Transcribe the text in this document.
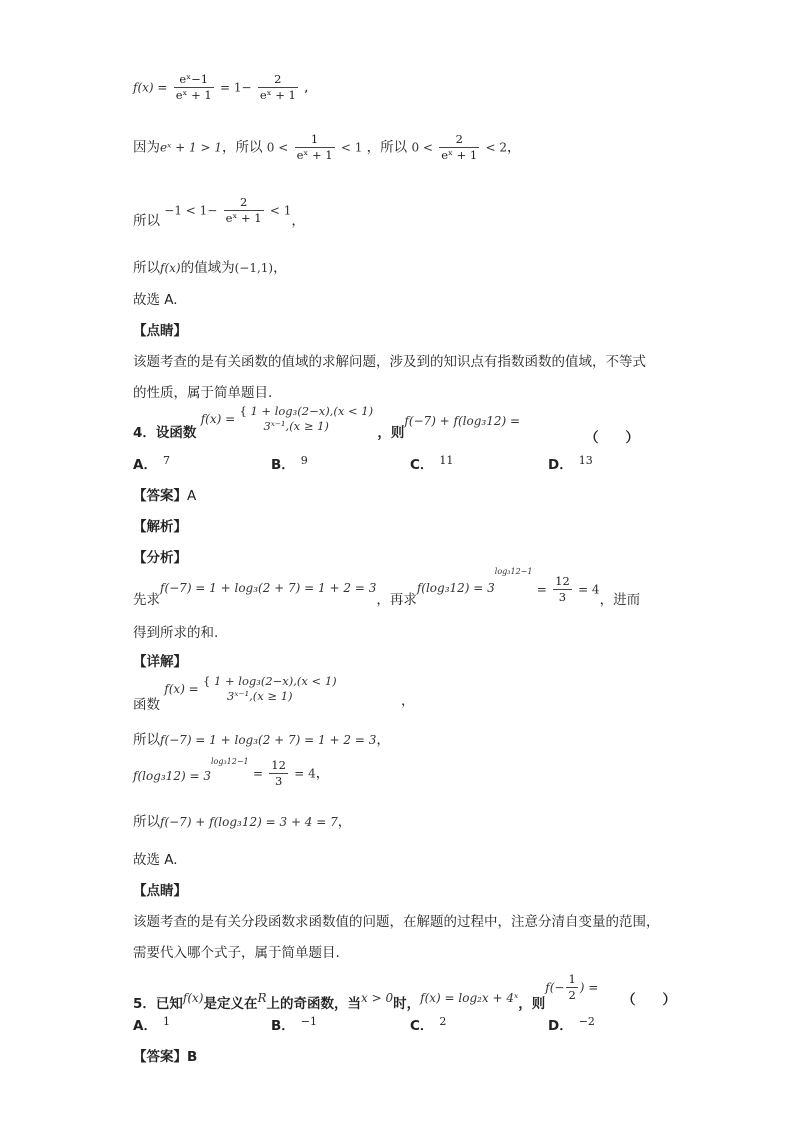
$f(x) = \frac{\text{eˣ−1}}{\text{eˣ + 1}} = 1- \frac{2}{\text{eˣ + 1}}$ ,
因为eˣ + 1 > 1，所以 $0 < \frac{1}{\text{eˣ + 1}} < 1$ ，所以 $0 < \frac{2}{\text{eˣ + 1}} < 2$，
所以 $-1 < 1- \frac{2}{\text{eˣ + 1}} < 1$，
所以f(x)的值域为(−1,1)，
故选 A.
【点睛】
该题考查的是有关函数的值域的求解问题，涉及到的知识点有指数函数的值域，不等式
的性质，属于简单题目.
4．设函数 f(x) =
{ 1 + log₃(2−x),(x < 1)
3ˣ⁻¹,(x ≥ 1)	，则f(−7) + f(log₃12) =
（　　）
A． $^7$	B． $^9$	C． $^{11}$	D． $^{13}$
【答案】A
【解析】
【分析】
先求f(−7) = 1 + log₃(2 + 7) = 1 + 2 = 3，再求$f(\log_312) = 3^{log_312-1} = \frac{12}{3} = 4$，进而
得到所求的和.
【详解】
函数 f(x) =
{ 1 + log₃(2−x),(x < 1)
3ˣ⁻¹,(x ≥ 1)	，
所以f(−7) = 1 + log₃(2 + 7) = 1 + 2 = 3，
$f(\log_312) = 3^{log_312-1} = \frac{12}{3} = 4$，
所以f(−7) + f(log₃12) = 3 + 4 = 7，
故选 A.
【点睛】
该题考查的是有关分段函数求函数值的问题，在解题的过程中，注意分清自变量的范围，
需要代入哪个式子，属于简单题目.
5．已知f(x)是定义在R上的奇函数，当x > 0时，f(x) = log₂x + 4ˣ，则$f(- \frac{1}{2}$ ) =
（　　）
A． $^1$	B． $^{-1}$	C． $^2$	D． $^{-2}$
【答案】B
